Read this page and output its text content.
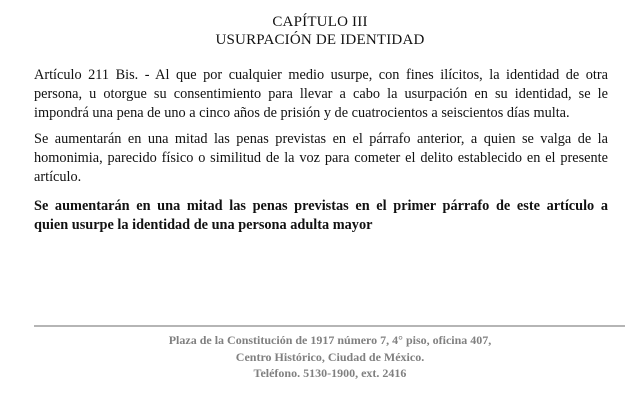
CAPÍTULO III
USURPACIÓN DE IDENTIDAD
Artículo 211 Bis. - Al que por cualquier medio usurpe, con fines ilícitos, la identidad de otra
persona, u otorgue su consentimiento para llevar a cabo la usurpación en su identidad, se le
impondrá una pena de uno a cinco años de prisión y de cuatrocientos a seiscientos días multa.
Se aumentarán en una mitad las penas previstas en el párrafo anterior, a quien se valga de la
homonimia, parecido físico o similitud de la voz para cometer el delito establecido en el presente
artículo.
Se aumentarán en una mitad las penas previstas en el primer párrafo de este artículo a
quien usurpe la identidad de una persona adulta mayor
Plaza de la Constitución de 1917 número 7, 4° piso, oficina 407,
Centro Histórico, Ciudad de México.
Teléfono. 5130-1900, ext. 2416
